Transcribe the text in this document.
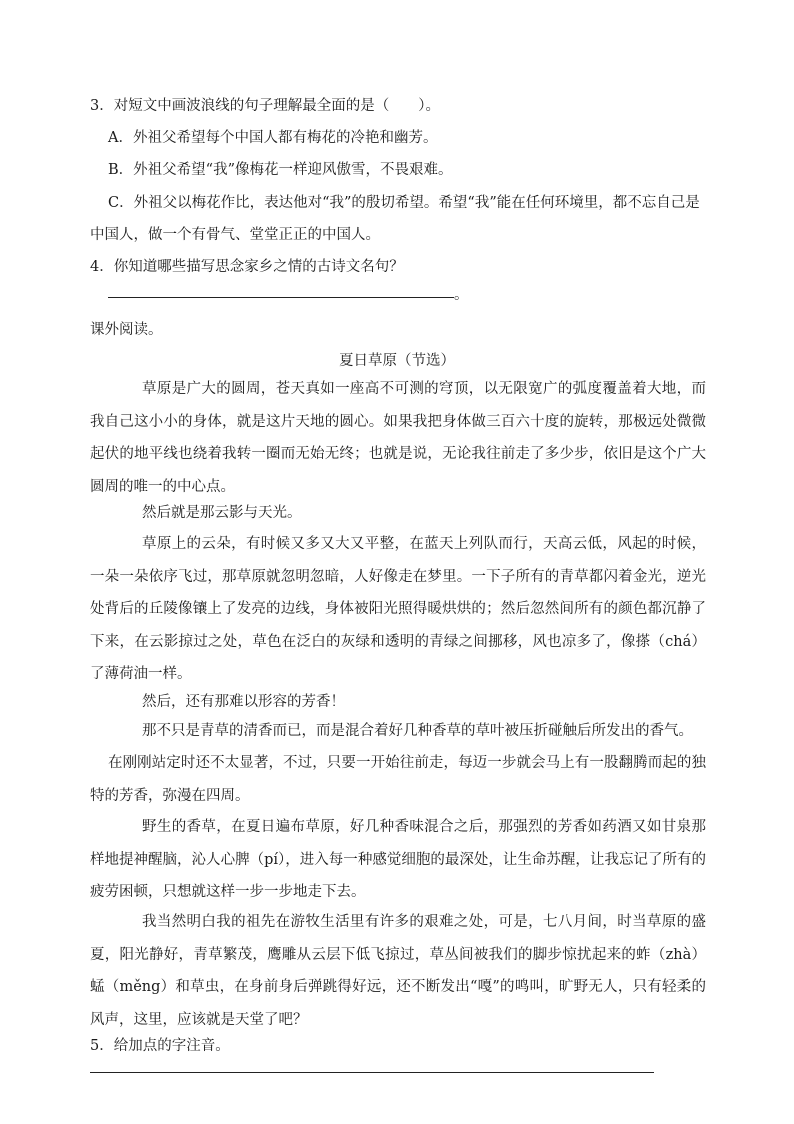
3．对短文中画波浪线的句子理解最全面的是（　　）。
A．外祖父希望每个中国人都有梅花的冷艳和幽芳。
B．外祖父希望“我”像梅花一样迎风傲雪，不畏艰难。
C．外祖父以梅花作比，表达他对“我”的殷切希望。希望“我”能在任何环境里，都不忘自己是
中国人，做一个有骨气、堂堂正正的中国人。
4．你知道哪些描写思念家乡之情的古诗文名句？
。
课外阅读。
夏日草原（节选）
草原是广大的圆周，苍天真如一座高不可测的穹顶，以无限宽广的弧度覆盖着大地，而我自己这小小的身体，就是这片天地的圆心。如果我把身体做三百六十度的旋转，那极远处微微起伏的地平线也绕着我转一圈而无始无终；也就是说，无论我往前走了多少步，依旧是这个广大圆周的唯一的中心点。
然后就是那云影与天光。
草原上的云朵，有时候又多又大又平整，在蓝天上列队而行，天高云低，风起的时候，一朵一朵依序飞过，那草原就忽明忽暗，人好像走在梦里。一下子所有的青草都闪着金光，逆光处背后的丘陵像镶上了发亮的边线，身体被阳光照得暖烘烘的；然后忽然间所有的颜色都沉静了下来，在云影掠过之处，草色在泛白的灰绿和透明的青绿之间挪移，风也凉多了，像搽（chá）了薄荷油一样。
然后，还有那难以形容的芳香！
那不只是青草的清香而已，而是混合着好几种香草的草叶被压折碰触后所发出的香气。
在刚刚站定时还不太显著，不过，只要一开始往前走，每迈一步就会马上有一股翻腾而起的独特的芳香，弥漫在四周。
野生的香草，在夏日遍布草原，好几种香味混合之后，那强烈的芳香如药酒又如甘泉那样地提神醒脑，沁人心脾（pí），进入每一种感觉细胞的最深处，让生命苏醒，让我忘记了所有的疲劳困顿，只想就这样一步一步地走下去。
我当然明白我的祖先在游牧生活里有许多的艰难之处，可是，七八月间，时当草原的盛夏，阳光静好，青草繁茂，鹰雕从云层下低飞掠过，草丛间被我们的脚步惊扰起来的蚱（zhà）蜢（měng）和草虫，在身前身后弹跳得好远，还不断发出“嘎”的鸣叫，旷野无人，只有轻柔的风声，这里，应该就是天堂了吧？
5．给加点的字注音。
